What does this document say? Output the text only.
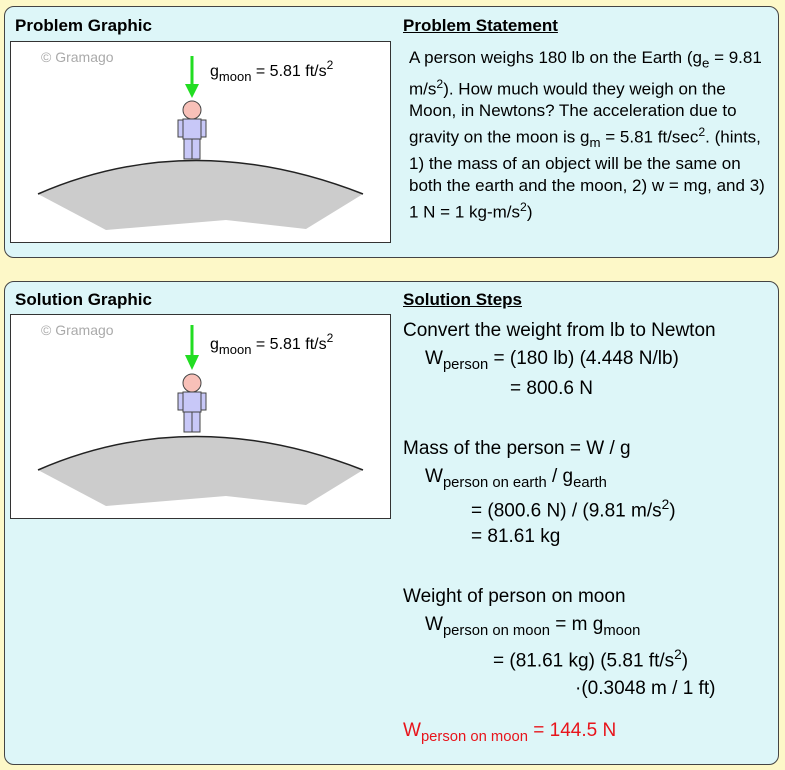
Problem Graphic	Problem Statement
© Gramago
$g_{moon} = 5.81$ $ft/s^2$	A person weighs 180 lb on the Earth ($g_e = 9.81$ $m/s^2$). How much would they weigh on the Moon, in Newtons? The acceleration due to gravity on the moon is $g_m = 5.81$ $ft/\sec^2$. (hints, 1) the mass of an object will be the same on both the earth and the moon, 2) w = mg, and 3) 1 N = 1 $kg-m/s^2$)
Solution Graphic	Solution Steps
© Gramago
$g_{moon} = 5.81$ $ft/s^2$	Convert the weight from lb to Newton
$W_{person} = (180$ lb) (4.448 N/lb)
= 800.6 N
Mass of the person = W / g
$W_{person on earth} / g_{earth}$
= (800.6 N) / (9.81 $m/s^2$)
= 81.61 kg
Weight of person on moon
$W_{person on moon} = m$ $g_{moon}$
= (81.61 kg) (5.81 $ft/s^2$)
·(0.3048 m / 1 ft)
$W_{person on moon} = 144.5$ N
